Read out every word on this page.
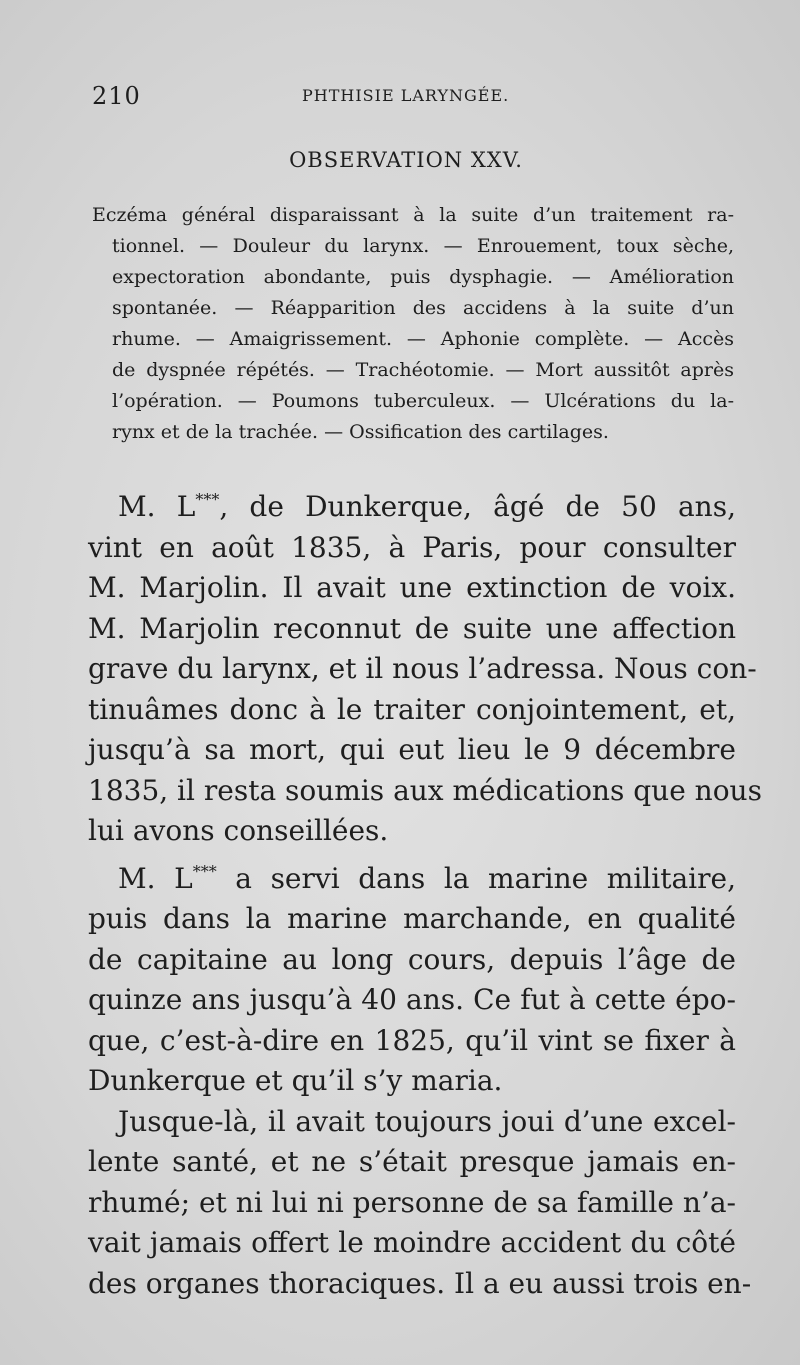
210	PHTHISIE LARYNGÉE.
OBSERVATION XXV.
Eczéma général disparaissant à la suite d’un traitement ra-
tionnel. — Douleur du larynx. — Enrouement, toux sèche,
expectoration abondante, puis dysphagie. — Amélioration
spontanée. — Réapparition des accidens à la suite d’un
rhume. — Amaigrissement. — Aphonie complète. — Accès
de dyspnée répétés. — Trachéotomie. — Mort aussitôt après
l’opération. — Poumons tuberculeux. — Ulcérations du la-
rynx et de la trachée. — Ossification des cartilages.
M. L***, de Dunkerque, âgé de 50 ans,
vint en août 1835, à Paris, pour consulter
M. Marjolin. Il avait une extinction de voix.
M. Marjolin reconnut de suite une affection
grave du larynx, et il nous l’adressa. Nous con-
tinuâmes donc à le traiter conjointement, et,
jusqu’à sa mort, qui eut lieu le 9 décembre
1835, il resta soumis aux médications que nous
lui avons conseillées.
M. L*** a servi dans la marine militaire,
puis dans la marine marchande, en qualité
de capitaine au long cours, depuis l’âge de
quinze ans jusqu’à 40 ans. Ce fut à cette épo-
que, c’est-à-dire en 1825, qu’il vint se fixer à
Dunkerque et qu’il s’y maria.
Jusque-là, il avait toujours joui d’une excel-
lente santé, et ne s’était presque jamais en-
rhumé; et ni lui ni personne de sa famille n’a-
vait jamais offert le moindre accident du côté
des organes thoraciques. Il a eu aussi trois en-
